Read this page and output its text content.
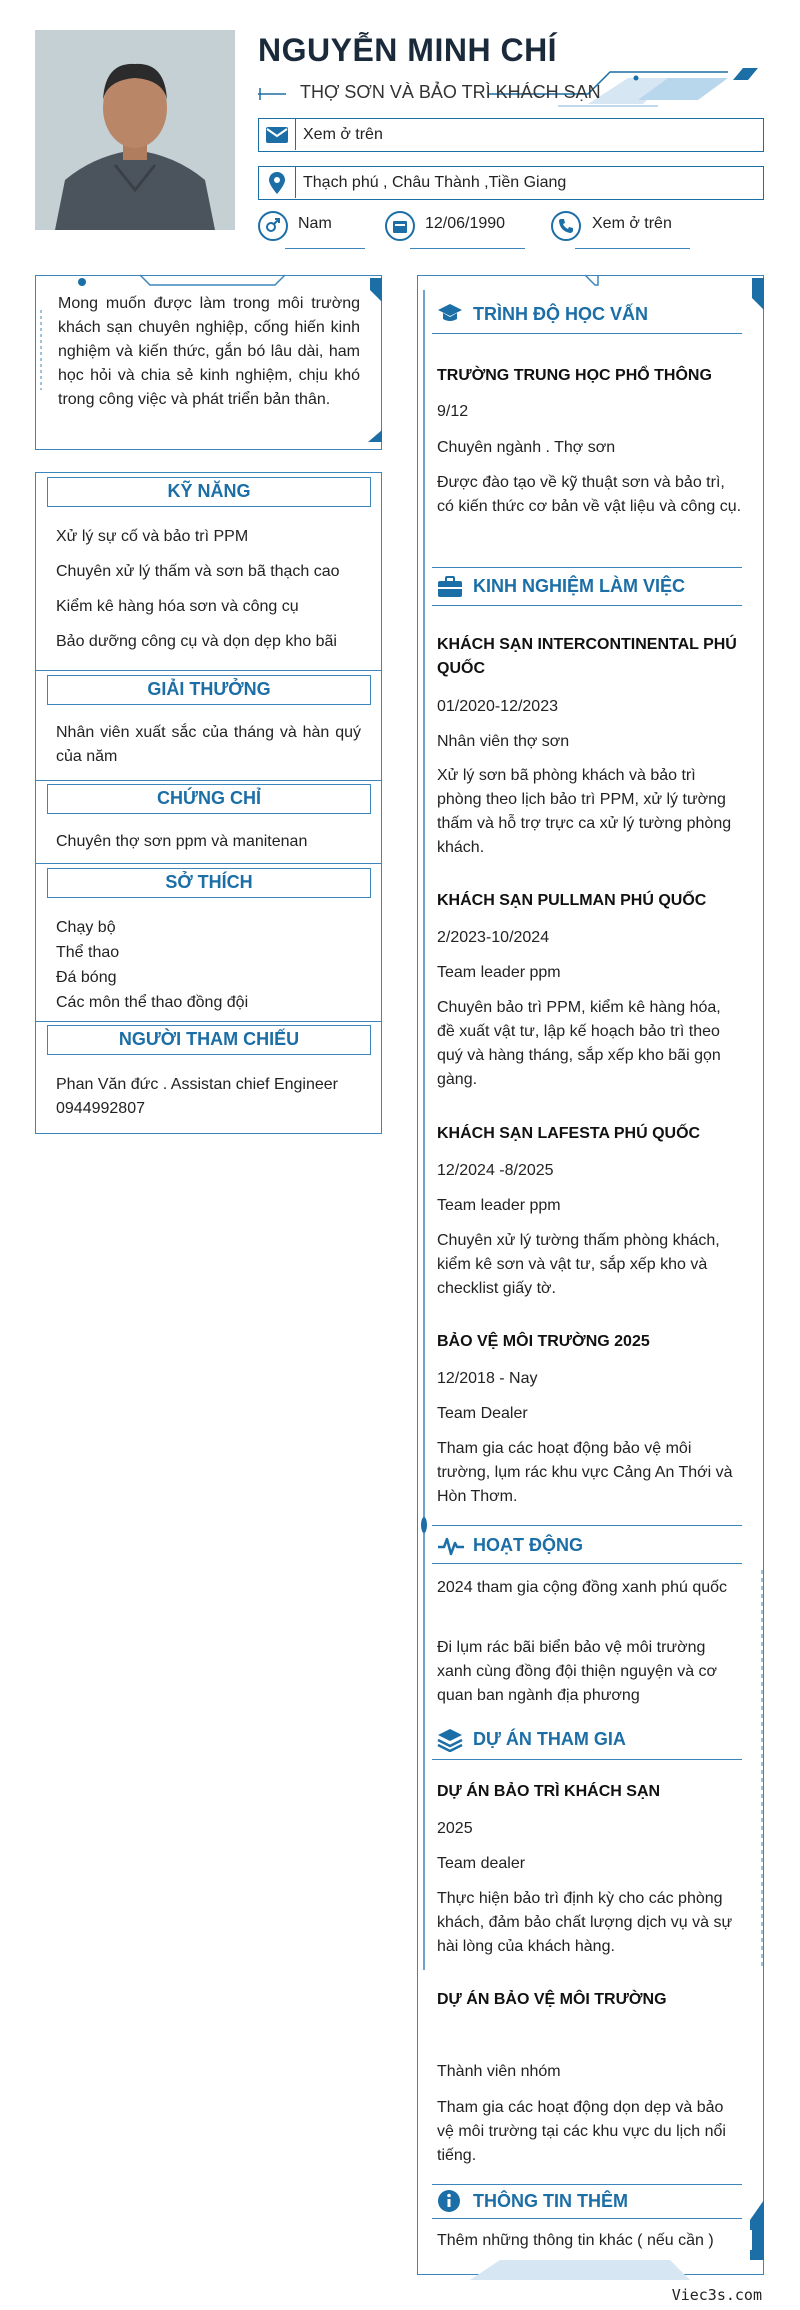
NGUYỄN MINH CHÍ
THỢ SƠN VÀ BẢO TRÌ KHÁCH SẠN
Xem ở trên
Thạch phú , Châu Thành ,Tiền Giang
Nam	12/06/1990	Xem ở trên
Mong muốn được làm trong môi trường khách sạn chuyên nghiệp, cống hiến kinh nghiệm và kiến thức, gắn bó lâu dài, ham học hỏi và chia sẻ kinh nghiệm, chịu khó trong công việc và phát triển bản thân.
KỸ NĂNG
Xử lý sự cố và bảo trì PPM
Chuyên xử lý thấm và sơn bã thạch cao
Kiểm kê hàng hóa sơn và công cụ
Bảo dưỡng công cụ và dọn dẹp kho bãi
GIẢI THƯỞNG
Nhân viên xuất sắc của tháng và hàn quý của năm
CHỨNG CHỈ
Chuyên thợ sơn ppm và manitenan
SỞ THÍCH
Chạy bộ
Thể thao
Đá bóng
Các môn thể thao đồng đội
NGƯỜI THAM CHIẾU
Phan Văn đức . Assistan chief Engineer
0944992807
TRÌNH ĐỘ HỌC VẤN
TRƯỜNG TRUNG HỌC PHỔ THÔNG
9/12
Chuyên ngành . Thợ sơn
Được đào tạo về kỹ thuật sơn và bảo trì, có kiến thức cơ bản về vật liệu và công cụ.
KINH NGHIỆM LÀM VIỆC
KHÁCH SẠN INTERCONTINENTAL PHÚ QUỐC
01/2020-12/2023
Nhân viên thợ sơn
Xử lý sơn bã phòng khách và bảo trì phòng theo lịch bảo trì PPM, xử lý tường thấm và hỗ trợ trực ca xử lý tường phòng khách.
KHÁCH SẠN PULLMAN PHÚ QUỐC
2/2023-10/2024
Team leader ppm
Chuyên bảo trì PPM, kiểm kê hàng hóa, đề xuất vật tư, lập kế hoạch bảo trì theo quý và hàng tháng, sắp xếp kho bãi gọn gàng.
KHÁCH SẠN LAFESTA PHÚ QUỐC
12/2024 -8/2025
Team leader ppm
Chuyên xử lý tường thấm phòng khách, kiểm kê sơn và vật tư, sắp xếp kho và checklist giấy tờ.
BẢO VỆ MÔI TRƯỜNG 2025
12/2018 - Nay
Team Dealer
Tham gia các hoạt động bảo vệ môi trường, lụm rác khu vực Cảng An Thới và Hòn Thơm.
HOẠT ĐỘNG
2024 tham gia cộng đồng xanh phú quốc
Đi lụm rác bãi biển bảo vệ môi trường xanh cùng đồng đội thiện nguyện và cơ quan ban ngành địa phương
DỰ ÁN THAM GIA
DỰ ÁN BẢO TRÌ KHÁCH SẠN
2025
Team dealer
Thực hiện bảo trì định kỳ cho các phòng khách, đảm bảo chất lượng dịch vụ và sự hài lòng của khách hàng.
DỰ ÁN BẢO VỆ MÔI TRƯỜNG
Thành viên nhóm
Tham gia các hoạt động dọn dẹp và bảo vệ môi trường tại các khu vực du lịch nổi tiếng.
THÔNG TIN THÊM
Thêm những thông tin khác ( nếu cần )
Viec3s.com
